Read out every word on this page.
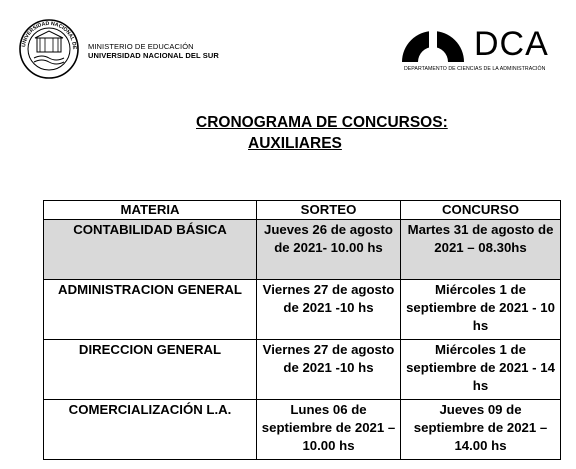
UNIVERSIDAD NACIONAL DE MINISTERIO DE EDUCACIÓN
UNIVERSIDAD NACIONAL DEL SUR	DCA
DEPARTAMENTO DE CIENCIAS DE LA ADMINISTRACIÓN
CRONOGRAMA DE CONCURSOS:
AUXILIARES
MATERIA	SORTEO	CONCURSO
CONTABILIDAD BÁSICA	Jueves 26 de agosto de 2021- 10.00 hs	Martes 31 de agosto de 2021 – 08.30hs
ADMINISTRACION GENERAL	Viernes 27 de agosto de 2021 -10 hs	Miércoles 1 de septiembre de 2021 - 10 hs
DIRECCION GENERAL	Viernes 27 de agosto de 2021 -10 hs	Miércoles 1 de septiembre de 2021 - 14 hs
COMERCIALIZACIÓN L.A.	Lunes 06 de septiembre de 2021 – 10.00 hs	Jueves 09 de septiembre de 2021 – 14.00 hs
